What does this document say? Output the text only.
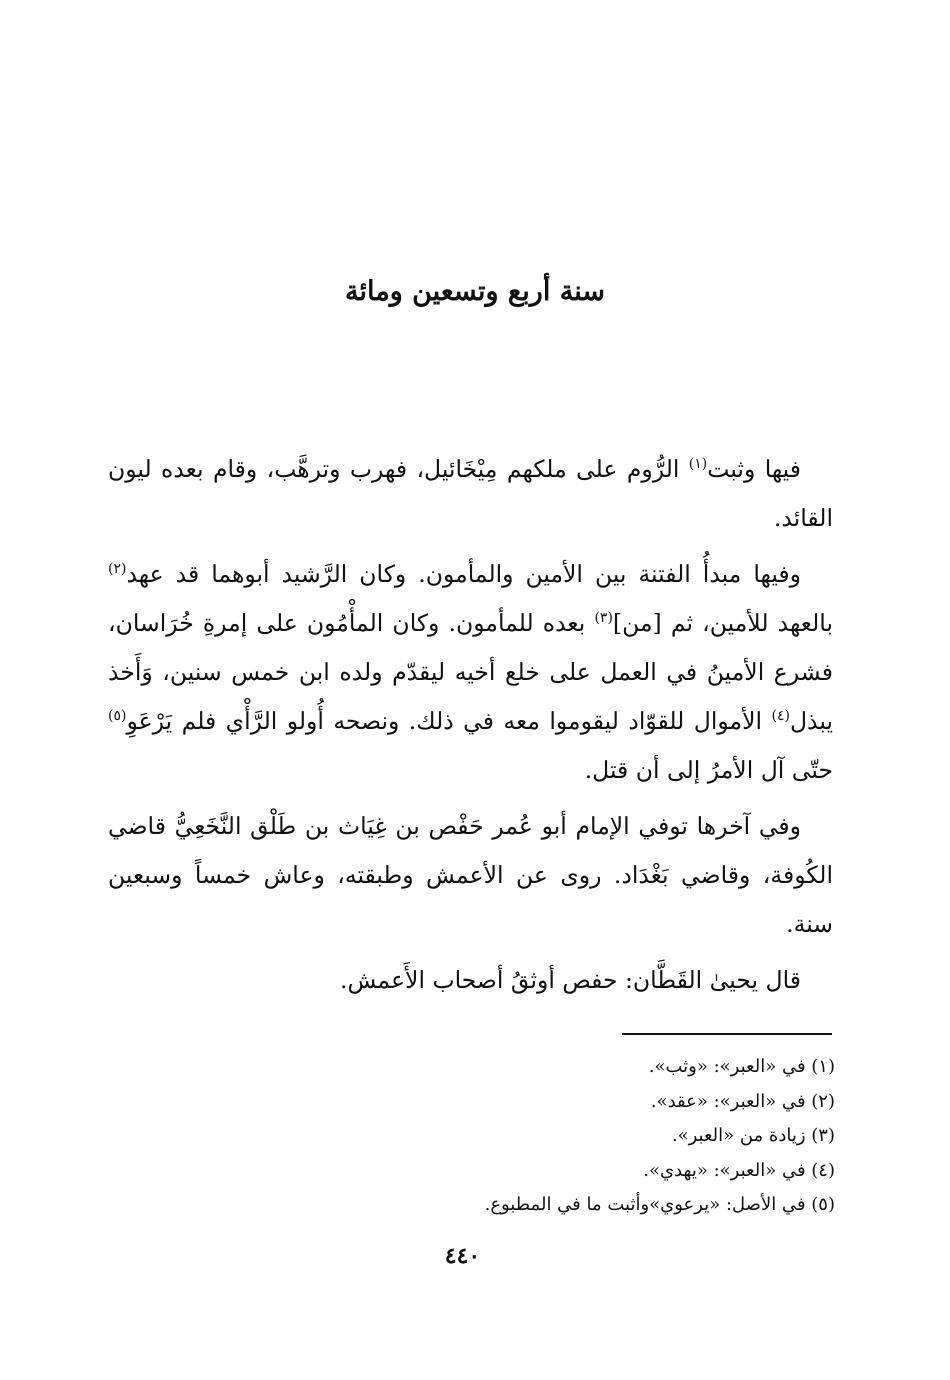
سنة أربع وتسعين ومائة

فيها وثبت$^{(١)}$ الرُّوم على ملكهم مِيْخَائيل، فهرب وترهَّب، وقام بعده ليون القائد.

وفيها مبدأُ الفتنة بين الأمين والمأمون. وكان الرَّشيد أبوهما قد عهد$^{(٢)}$ بالعهد للأمين، ثم [من]$^{(٣)}$ بعده للمأمون. وكان المأْمُون على إمرةِ خُرَاسان، فشرع الأمينُ في العمل على خلع أخيه ليقدّم ولده ابن خمس سنين، وَأَخذ يبذل$^{(٤)}$ الأموال للقوّاد ليقوموا معه في ذلك. ونصحه أُولو الرَّأْي فلم يَرْعَوِ$^{(٥)}$ حتّى آل الأمرُ إلى أن قتل.

وفي آخرها توفي الإمام أبو عُمر حَفْص بن غِيَاث بن طَلْق النَّخَعِيُّ قاضي الكُوفة، وقاضي بَغْدَاد. روى عن الأعمش وطبقته، وعاش خمساً وسبعين سنة.

قال يحيىٰ القَطَّان: حفص أوثقُ أصحاب الأَعمش.

(١) في «العبر»: «وثب».
(٢) في «العبر»: «عقد».
(٣) زيادة من «العبر».
(٤) في «العبر»: «يهدي».
(٥) في الأصل: «يرعوي»وأثبت ما في المطبوع.
٤٤٠
